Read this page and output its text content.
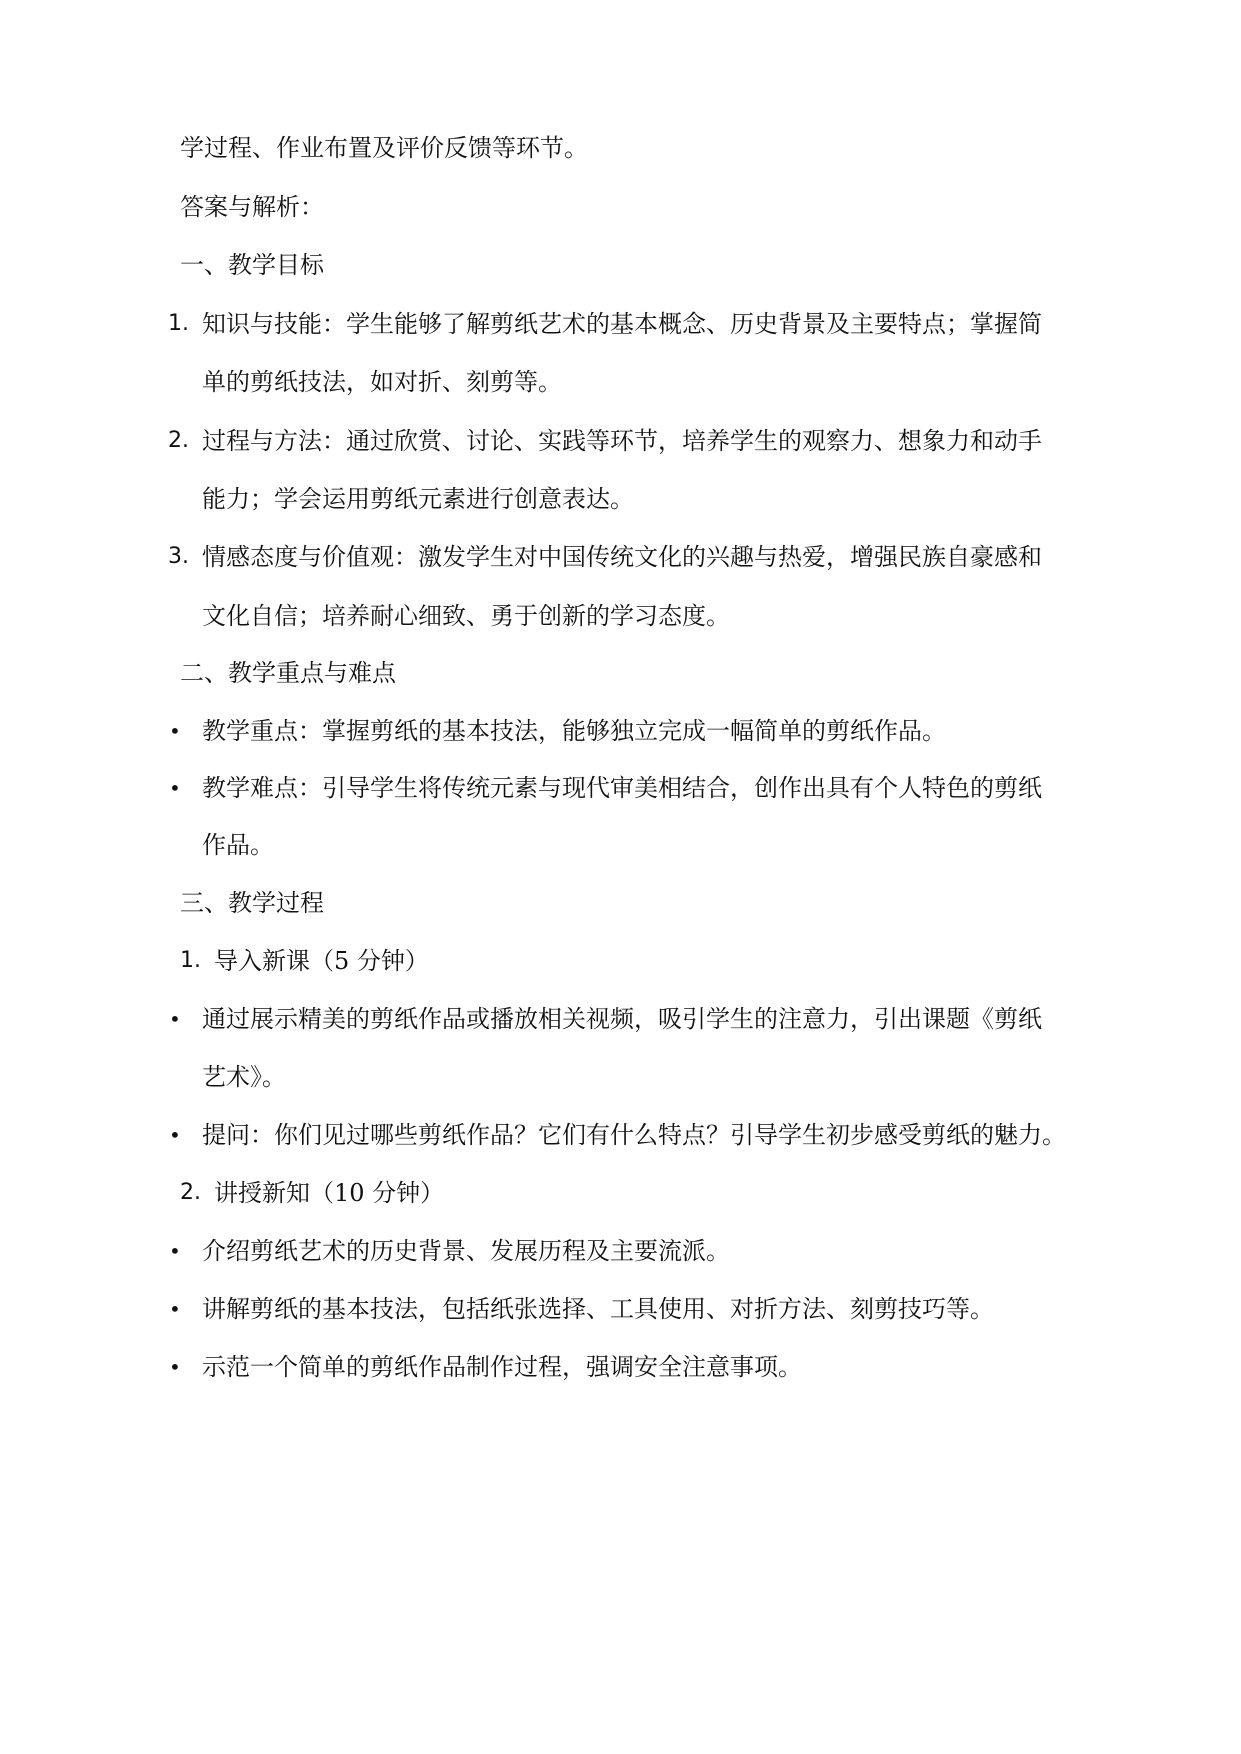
学过程、作业布置及评价反馈等环节。
答案与解析：
一、教学目标
1. 知识与技能：学生能够了解剪纸艺术的基本概念、历史背景及主要特点；掌握简
单的剪纸技法，如对折、刻剪等。
2. 过程与方法：通过欣赏、讨论、实践等环节，培养学生的观察力、想象力和动手
能力；学会运用剪纸元素进行创意表达。
3. 情感态度与价值观：激发学生对中国传统文化的兴趣与热爱，增强民族自豪感和
文化自信；培养耐心细致、勇于创新的学习态度。
二、教学重点与难点
• 教学重点：掌握剪纸的基本技法，能够独立完成一幅简单的剪纸作品。
• 教学难点：引导学生将传统元素与现代审美相结合，创作出具有个人特色的剪纸
作品。
三、教学过程
1. 导入新课（5 分钟）
• 通过展示精美的剪纸作品或播放相关视频，吸引学生的注意力，引出课题《剪纸
艺术》。
• 提问：你们见过哪些剪纸作品？它们有什么特点？引导学生初步感受剪纸的魅力。
2. 讲授新知（10 分钟）
• 介绍剪纸艺术的历史背景、发展历程及主要流派。
• 讲解剪纸的基本技法，包括纸张选择、工具使用、对折方法、刻剪技巧等。
• 示范一个简单的剪纸作品制作过程，强调安全注意事项。
